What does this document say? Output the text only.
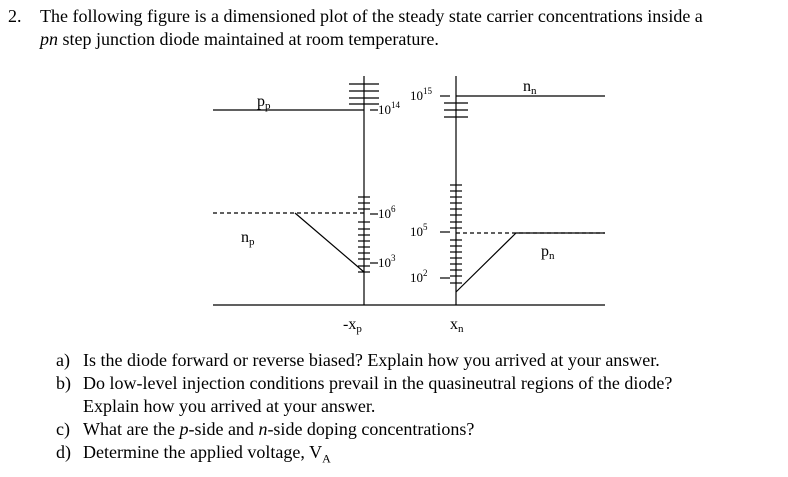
2. The following figure is a dimensioned plot of the steady state carrier concentrations inside a
pn step junction diode maintained at room temperature.
pp
np
nn
pn
-xp	xn
$10^{14}$
$10^{15}$
$10^6$
$10^5$
$10^3$
$10^2$
a) Is the diode forward or reverse biased? Explain how you arrived at your answer.
b) Do low-level injection conditions prevail in the quasineutral regions of the diode?
Explain how you arrived at your answer.
c) What are the p-side and n-side doping concentrations?
d) Determine the applied voltage, $V_A$
